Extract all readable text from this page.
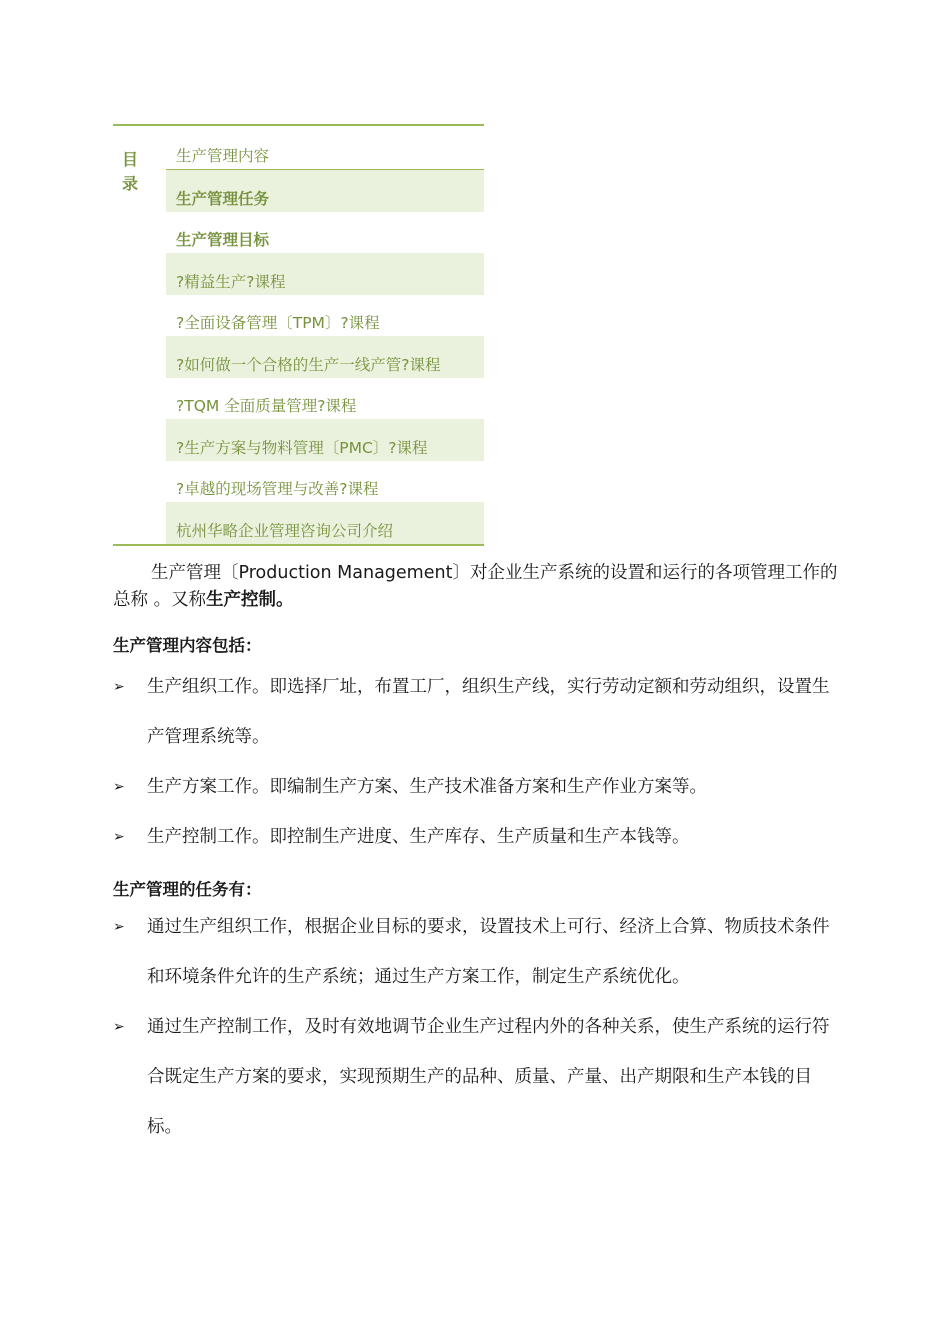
目录
生产管理内容
生产管理任务
生产管理目标
?精益生产?课程
?全面设备管理〔TPM〕?课程
?如何做一个合格的生产一线产管?课程
?TQM 全面质量管理?课程
?生产方案与物料管理〔PMC〕?课程
?卓越的现场管理与改善?课程
杭州华略企业管理咨询公司介绍

生产管理〔Production Management〕对企业生产系统的设置和运行的各项管理工作的总称 。又称生产控制。

生产管理内容包括：

➢	生产组织工作。即选择厂址，布置工厂，组织生产线，实行劳动定额和劳动组织，设置生产管理系统等。
➢	生产方案工作。即编制生产方案、生产技术准备方案和生产作业方案等。
➢	生产控制工作。即控制生产进度、生产库存、生产质量和生产本钱等。

生产管理的任务有：

➢	通过生产组织工作，根据企业目标的要求，设置技术上可行、经济上合算、物质技术条件和环境条件允许的生产系统；通过生产方案工作，制定生产系统优化。
➢	通过生产控制工作，及时有效地调节企业生产过程内外的各种关系，使生产系统的运行符合既定生产方案的要求，实现预期生产的品种、质量、产量、出产期限和生产本钱的目标。
